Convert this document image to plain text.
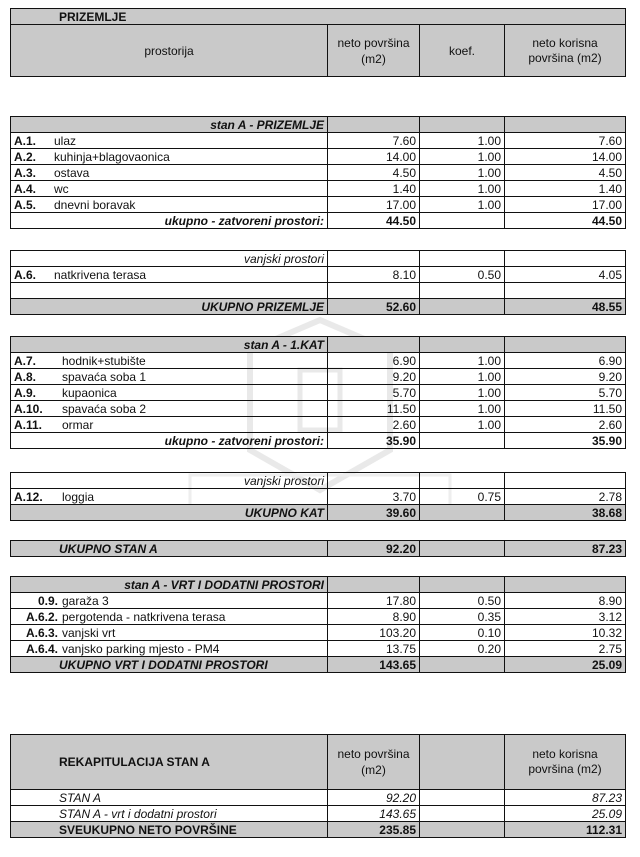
PRIZEMLJE
prostorija	neto površina (m2)	koef.	neto korisna površina (m2)
stan A - PRIZEMLJE			
A.1. ulaz	7.60	1.00	7.60
A.2. kuhinja+blagovaonica	14.00	1.00	14.00
A.3. ostava	4.50	1.00	4.50
A.4. wc	1.40	1.00	1.40
A.5. dnevni boravak	17.00	1.00	17.00
ukupno - zatvoreni prostori:	44.50		44.50
vanjski prostori			
A.6. natkrivena terasa	8.10	0.50	4.05

UKUPNO PRIZEMLJE	52.60		48.55
stan A - 1.KAT			
A.7. hodnik+stubište	6.90	1.00	6.90
A.8. spavaća soba 1	9.20	1.00	9.20
A.9. kupaonica	5.70	1.00	5.70
A.10. spavaća soba 2	11.50	1.00	11.50
A.11. ormar	2.60	1.00	2.60
ukupno - zatvoreni prostori:	35.90		35.90
vanjski prostori			
A.12. loggia	3.70	0.75	2.78
UKUPNO KAT	39.60		38.68
UKUPNO STAN A	92.20		87.23
stan A - VRT I DODATNI PROSTORI			
0.9. garaža 3	17.80	0.50	8.90
A.6.2. pergotenda - natkrivena terasa	8.90	0.35	3.12
A.6.3. vanjski vrt	103.20	0.10	10.32
A.6.4. vanjsko parking mjesto - PM4	13.75	0.20	2.75
UKUPNO VRT I DODATNI PROSTORI	143.65		25.09
REKAPITULACIJA STAN A	neto površina (m2)		neto korisna površina (m2)
STAN A	92.20		87.23
STAN A - vrt i dodatni prostori	143.65		25.09
SVEUKUPNO NETO POVRŠINE	235.85		112.31
